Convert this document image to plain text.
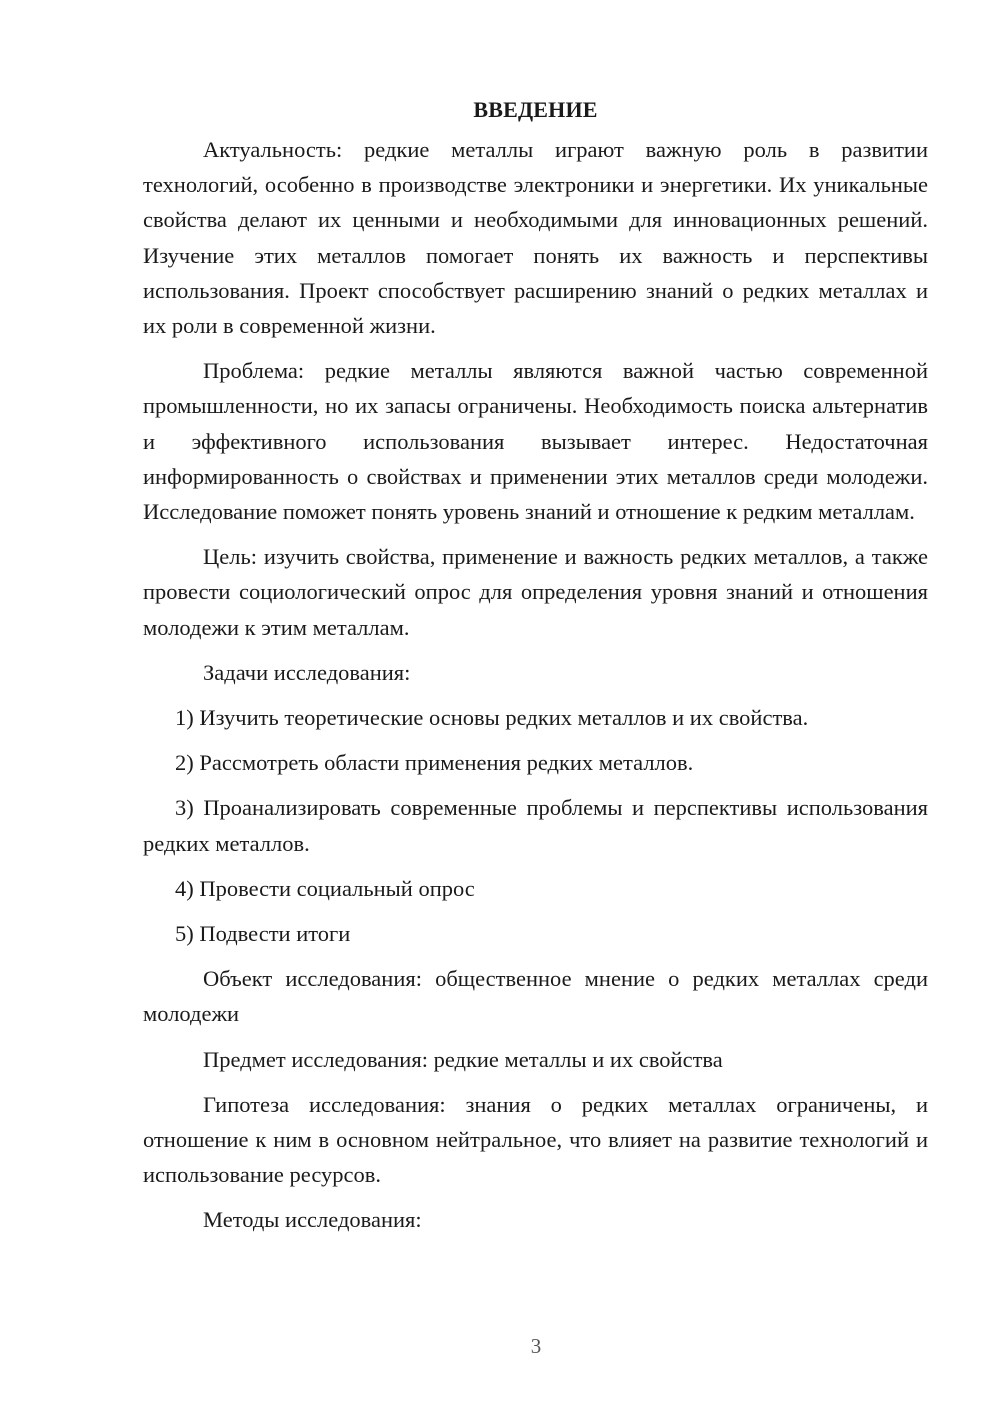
ВВЕДЕНИЕ

Актуальность: редкие металлы играют важную роль в развитии технологий, особенно в производстве электроники и энергетики. Их уникальные свойства делают их ценными и необходимыми для инновационных решений. Изучение этих металлов помогает понять их важность и перспективы использования. Проект способствует расширению знаний о редких металлах и их роли в современной жизни.

Проблема: редкие металлы являются важной частью современной промышленности, но их запасы ограничены. Необходимость поиска альтернатив и эффективного использования вызывает интерес. Недостаточная информированность о свойствах и применении этих металлов среди молодежи. Исследование поможет понять уровень знаний и отношение к редким металлам.

Цель: изучить свойства, применение и важность редких металлов, а также провести социологический опрос для определения уровня знаний и отношения молодежи к этим металлам.

Задачи исследования:

1) Изучить теоретические основы редких металлов и их свойства.

2) Рассмотреть области применения редких металлов.

3) Проанализировать современные проблемы и перспективы использования редких металлов.

4) Провести социальный опрос

5) Подвести итоги

Объект исследования: общественное мнение о редких металлах среди молодежи

Предмет исследования: редкие металлы и их свойства

Гипотеза исследования: знания о редких металлах ограничены, и отношение к ним в основном нейтральное, что влияет на развитие технологий и использование ресурсов.

Методы исследования:

3
